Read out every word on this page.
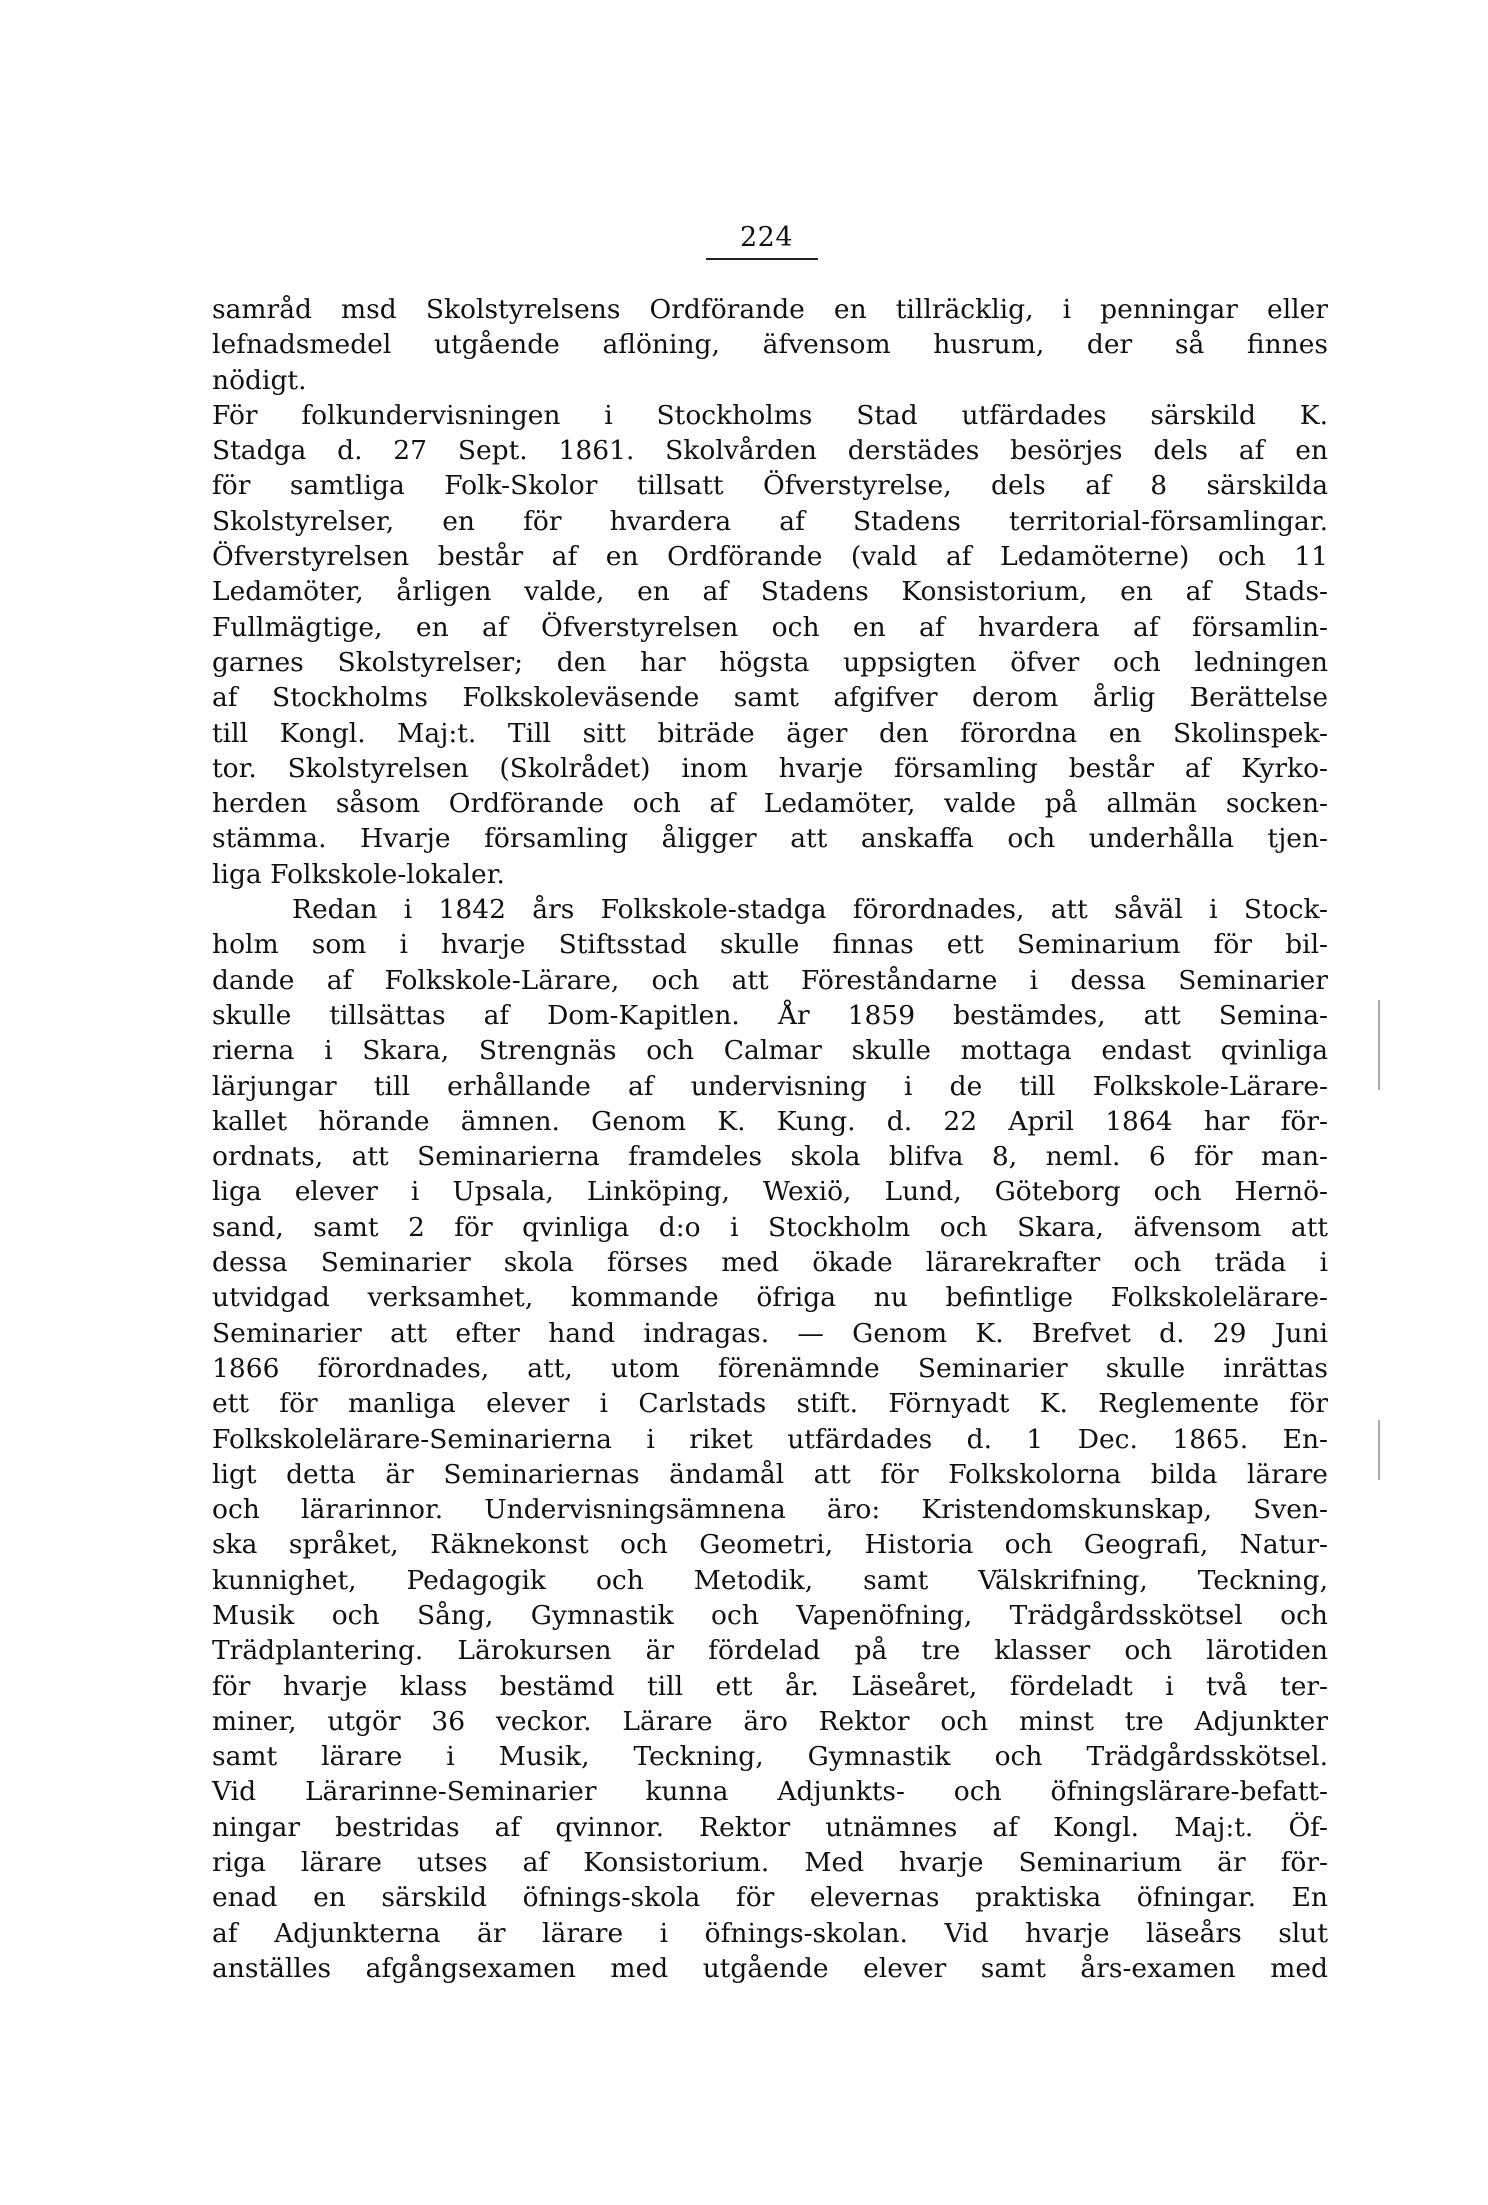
224
samråd msd Skolstyrelsens Ordförande en tillräcklig, i penningar eller
lefnadsmedel utgående aflöning, äfvensom husrum, der så finnes
nödigt.
För folkundervisningen i Stockholms Stad utfärdades särskild K.
Stadga d. 27 Sept. 1861. Skolvården derstädes besörjes dels af en
för samtliga Folk-Skolor tillsatt Öfverstyrelse, dels af 8 särskilda
Skolstyrelser, en för hvardera af Stadens territorial-församlingar.
Öfverstyrelsen består af en Ordförande (vald af Ledamöterne) och 11
Ledamöter, årligen valde, en af Stadens Konsistorium, en af Stads-
Fullmägtige, en af Öfverstyrelsen och en af hvardera af församlin-
garnes Skolstyrelser; den har högsta uppsigten öfver och ledningen
af Stockholms Folkskoleväsende samt afgifver derom årlig Berättelse
till Kongl. Maj:t. Till sitt biträde äger den förordna en Skolinspek-
tor. Skolstyrelsen (Skolrådet) inom hvarje församling består af Kyrko-
herden såsom Ordförande och af Ledamöter, valde på allmän socken-
stämma. Hvarje församling åligger att anskaffa och underhålla tjen-
liga Folkskole-lokaler.
Redan i 1842 års Folkskole-stadga förordnades, att såväl i Stock-
holm som i hvarje Stiftsstad skulle finnas ett Seminarium för bil-
dande af Folkskole-Lärare, och att Föreståndarne i dessa Seminarier
skulle tillsättas af Dom-Kapitlen. År 1859 bestämdes, att Semina-
rierna i Skara, Strengnäs och Calmar skulle mottaga endast qvinliga
lärjungar till erhållande af undervisning i de till Folkskole-Lärare-
kallet hörande ämnen. Genom K. Kung. d. 22 April 1864 har för-
ordnats, att Seminarierna framdeles skola blifva 8, neml. 6 för man-
liga elever i Upsala, Linköping, Wexiö, Lund, Göteborg och Hernö-
sand, samt 2 för qvinliga d:o i Stockholm och Skara, äfvensom att
dessa Seminarier skola förses med ökade lärarekrafter och träda i
utvidgad verksamhet, kommande öfriga nu befintlige Folkskolelärare-
Seminarier att efter hand indragas. — Genom K. Brefvet d. 29 Juni
1866 förordnades, att, utom förenämnde Seminarier skulle inrättas
ett för manliga elever i Carlstads stift. Förnyadt K. Reglemente för
Folkskolelärare-Seminarierna i riket utfärdades d. 1 Dec. 1865. En-
ligt detta är Seminariernas ändamål att för Folkskolorna bilda lärare
och lärarinnor. Undervisningsämnena äro: Kristendomskunskap, Sven-
ska språket, Räknekonst och Geometri, Historia och Geografi, Natur-
kunnighet, Pedagogik och Metodik, samt Välskrifning, Teckning,
Musik och Sång, Gymnastik och Vapenöfning, Trädgårdsskötsel och
Trädplantering. Lärokursen är fördelad på tre klasser och lärotiden
för hvarje klass bestämd till ett år. Läseåret, fördeladt i två ter-
miner, utgör 36 veckor. Lärare äro Rektor och minst tre Adjunkter
samt lärare i Musik, Teckning, Gymnastik och Trädgårdsskötsel.
Vid Lärarinne-Seminarier kunna Adjunkts- och öfningslärare-befatt-
ningar bestridas af qvinnor. Rektor utnämnes af Kongl. Maj:t. Öf-
riga lärare utses af Konsistorium. Med hvarje Seminarium är för-
enad en särskild öfnings-skola för elevernas praktiska öfningar. En
af Adjunkterna är lärare i öfnings-skolan. Vid hvarje läseårs slut
anställes afgångsexamen med utgående elever samt års-examen med
